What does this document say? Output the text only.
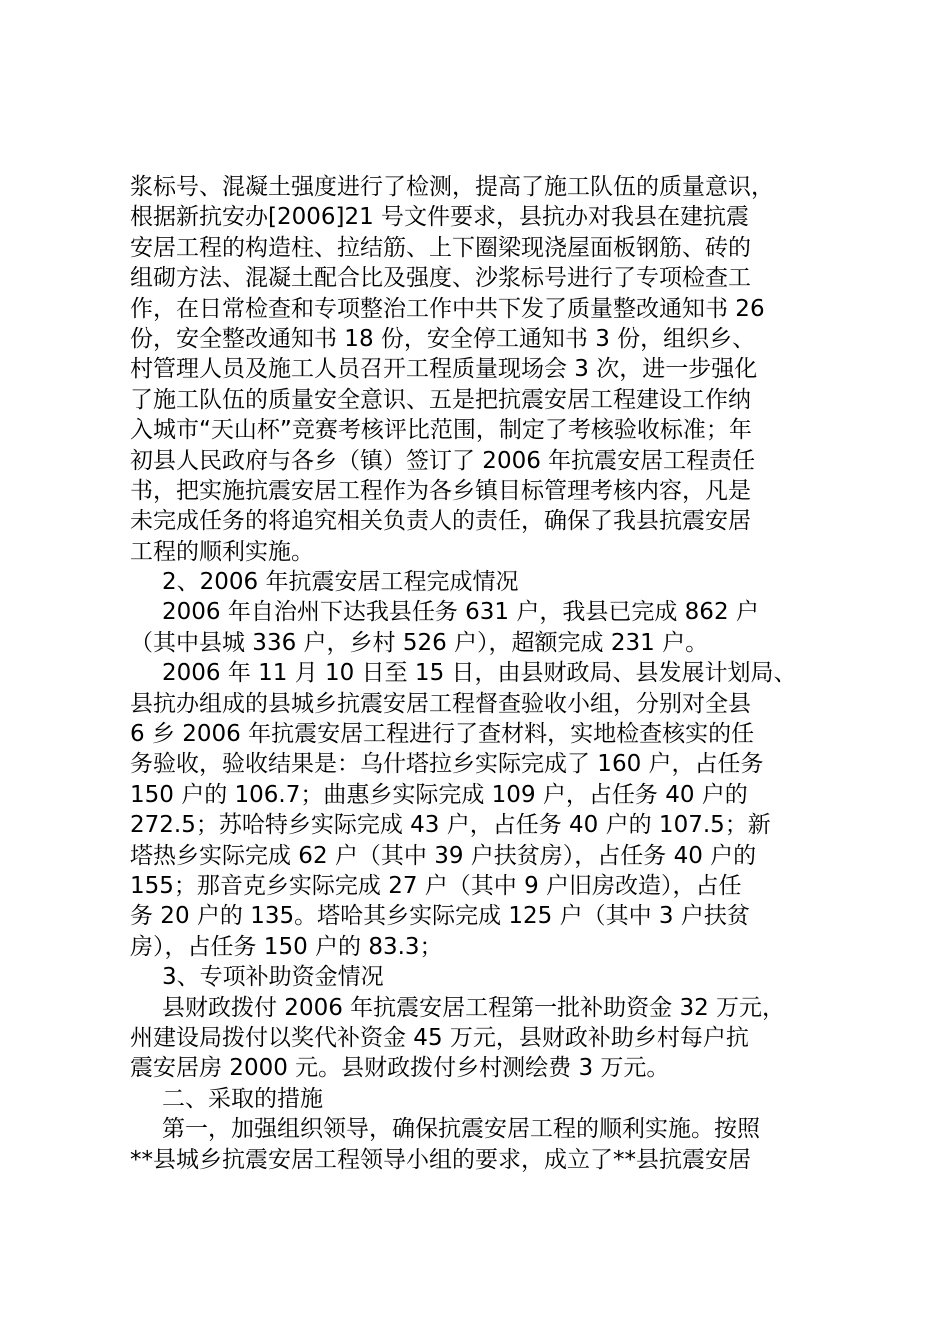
浆标号、混凝土强度进行了检测，提高了施工队伍的质量意识，
根据新抗安办[2006]21 号文件要求，县抗办对我县在建抗震
安居工程的构造柱、拉结筋、上下圈梁现浇屋面板钢筋、砖的
组砌方法、混凝土配合比及强度、沙浆标号进行了专项检查工
作，在日常检查和专项整治工作中共下发了质量整改通知书 26
份，安全整改通知书 18 份，安全停工通知书 3 份，组织乡、
村管理人员及施工人员召开工程质量现场会 3 次，进一步强化
了施工队伍的质量安全意识、五是把抗震安居工程建设工作纳
入城市“天山杯”竞赛考核评比范围，制定了考核验收标准；年
初县人民政府与各乡（镇）签订了 2006 年抗震安居工程责任
书，把实施抗震安居工程作为各乡镇目标管理考核内容，凡是
未完成任务的将追究相关负责人的责任，确保了我县抗震安居
工程的顺利实施。
2、2006 年抗震安居工程完成情况
2006 年自治州下达我县任务 631 户，我县已完成 862 户
（其中县城 336 户，乡村 526 户），超额完成 231 户。
2006 年 11 月 10 日至 15 日，由县财政局、县发展计划局、
县抗办组成的县城乡抗震安居工程督查验收小组，分别对全县
6 乡 2006 年抗震安居工程进行了查材料，实地检查核实的任
务验收，验收结果是：乌什塔拉乡实际完成了 160 户，占任务
150 户的 106.7；曲惠乡实际完成 109 户，占任务 40 户的
272.5；苏哈特乡实际完成 43 户，占任务 40 户的 107.5；新
塔热乡实际完成 62 户（其中 39 户扶贫房），占任务 40 户的
155；那音克乡实际完成 27 户（其中 9 户旧房改造），占任
务 20 户的 135。塔哈其乡实际完成 125 户（其中 3 户扶贫
房），占任务 150 户的 83.3；
3、专项补助资金情况
县财政拨付 2006 年抗震安居工程第一批补助资金 32 万元，
州建设局拨付以奖代补资金 45 万元，县财政补助乡村每户抗
震安居房 2000 元。县财政拨付乡村测绘费 3 万元。
二、采取的措施
第一，加强组织领导，确保抗震安居工程的顺利实施。按照
**县城乡抗震安居工程领导小组的要求，成立了**县抗震安居
